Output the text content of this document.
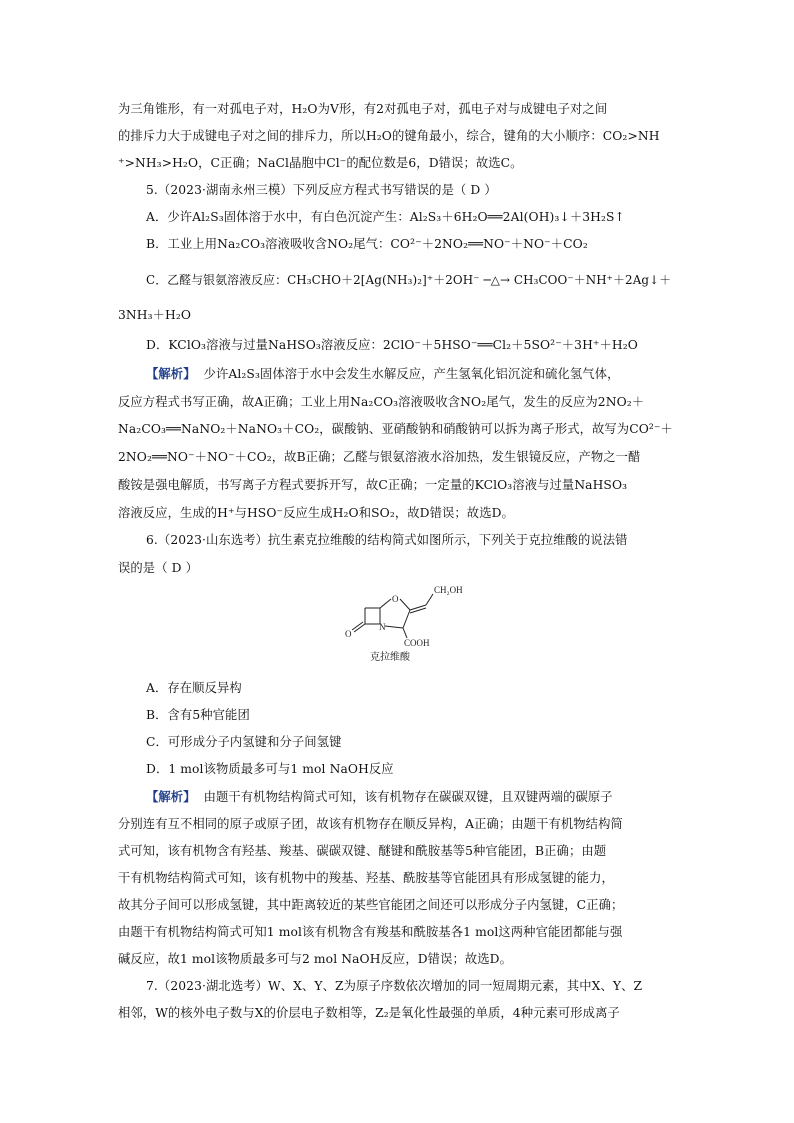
为三角锥形，有一对孤电子对，H₂O为V形，有2对孤电子对，孤电子对与成键电子对之间
的排斥力大于成键电子对之间的排斥力，所以H₂O的键角最小，综合，键角的大小顺序：CO₂>NH
⁺>NH₃>H₂O，C正确；NaCl晶胞中Cl⁻的配位数是6，D错误；故选C。
5.（2023·湖南永州三模）下列反应方程式书写错误的是（ D ）
A．少许Al₂S₃固体溶于水中，有白色沉淀产生：Al₂S₃＋6H₂O══2Al(OH)₃↓＋3H₂S↑
B．工业上用Na₂CO₃溶液吸收含NO₂尾气：CO²⁻＋2NO₂══NO⁻＋NO⁻＋CO₂
C．乙醛与银氨溶液反应：CH₃CHO＋2[Ag(NH₃)₂]⁺＋2OH⁻ ─△→ CH₃COO⁻＋NH⁺＋2Ag↓＋
3NH₃＋H₂O
D．KClO₃溶液与过量NaHSO₃溶液反应：2ClO⁻＋5HSO⁻══Cl₂＋5SO²⁻＋3H⁺＋H₂O
【解析】 少许Al₂S₃固体溶于水中会发生水解反应，产生氢氧化铝沉淀和硫化氢气体，
反应方程式书写正确，故A正确；工业上用Na₂CO₃溶液吸收含NO₂尾气，发生的反应为2NO₂＋
Na₂CO₃══NaNO₂＋NaNO₃＋CO₂，碳酸钠、亚硝酸钠和硝酸钠可以拆为离子形式，故写为CO²⁻＋
2NO₂══NO⁻＋NO⁻＋CO₂，故B正确；乙醛与银氨溶液水浴加热，发生银镜反应，产物之一醋
酸铵是强电解质，书写离子方程式要拆开写，故C正确；一定量的KClO₃溶液与过量NaHSO₃
溶液反应，生成的H⁺与HSO⁻反应生成H₂O和SO₂，故D错误；故选D。
6.（2023·山东选考）抗生素克拉维酸的结构简式如图所示，下列关于克拉维酸的说法错
误的是（ D ）
CH₂OH
O
N
O
COOH
克拉维酸
A．存在顺反异构
B．含有5种官能团
C．可形成分子内氢键和分子间氢键
D．1 mol该物质最多可与1 mol NaOH反应
【解析】 由题干有机物结构简式可知，该有机物存在碳碳双键，且双键两端的碳原子
分别连有互不相同的原子或原子团，故该有机物存在顺反异构，A正确；由题干有机物结构简
式可知，该有机物含有羟基、羧基、碳碳双键、醚键和酰胺基等5种官能团，B正确；由题
干有机物结构简式可知，该有机物中的羧基、羟基、酰胺基等官能团具有形成氢键的能力，
故其分子间可以形成氢键，其中距离较近的某些官能团之间还可以形成分子内氢键，C正确；
由题干有机物结构简式可知1 mol该有机物含有羧基和酰胺基各1 mol这两种官能团都能与强
碱反应，故1 mol该物质最多可与2 mol NaOH反应，D错误；故选D。
7.（2023·湖北选考）W、X、Y、Z为原子序数依次增加的同一短周期元素，其中X、Y、Z
相邻，W的核外电子数与X的价层电子数相等，Z₂是氧化性最强的单质，4种元素可形成离子
